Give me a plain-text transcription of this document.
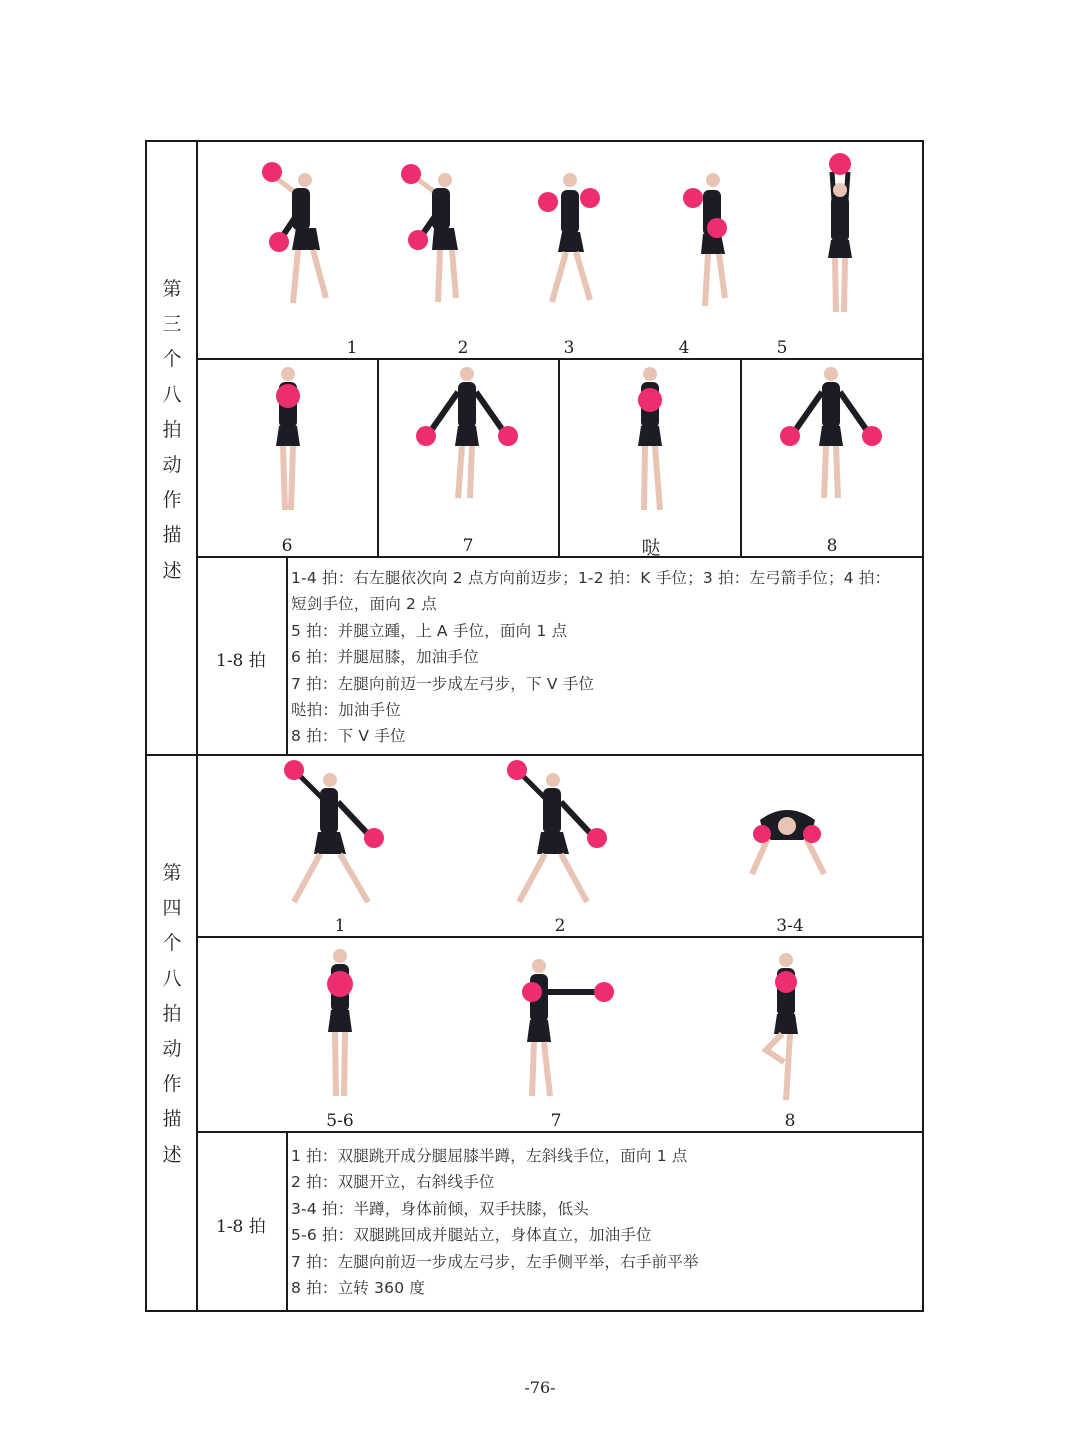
第
三
个
八
拍
动
作
描
述
1	2	3	4	5
6	7	哒	8
1-8 拍
1-4 拍：右左腿依次向 2 点方向前迈步；1-2 拍：K 手位；3 拍：左弓箭手位；4 拍：
短剑手位，面向 2 点
5 拍：并腿立踵，上 A 手位，面向 1 点
6 拍：并腿屈膝，加油手位
7 拍：左腿向前迈一步成左弓步，下 V 手位
哒拍：加油手位
8 拍：下 V 手位
第
四
个
八
拍
动
作
描
述
1	2	3-4
5-6	7	8
1-8 拍
1 拍：双腿跳开成分腿屈膝半蹲，左斜线手位，面向 1 点
2 拍：双腿开立，右斜线手位
3-4 拍：半蹲，身体前倾，双手扶膝，低头
5-6 拍：双腿跳回成并腿站立，身体直立，加油手位
7 拍：左腿向前迈一步成左弓步，左手侧平举，右手前平举
8 拍：立转 360 度
-76-
